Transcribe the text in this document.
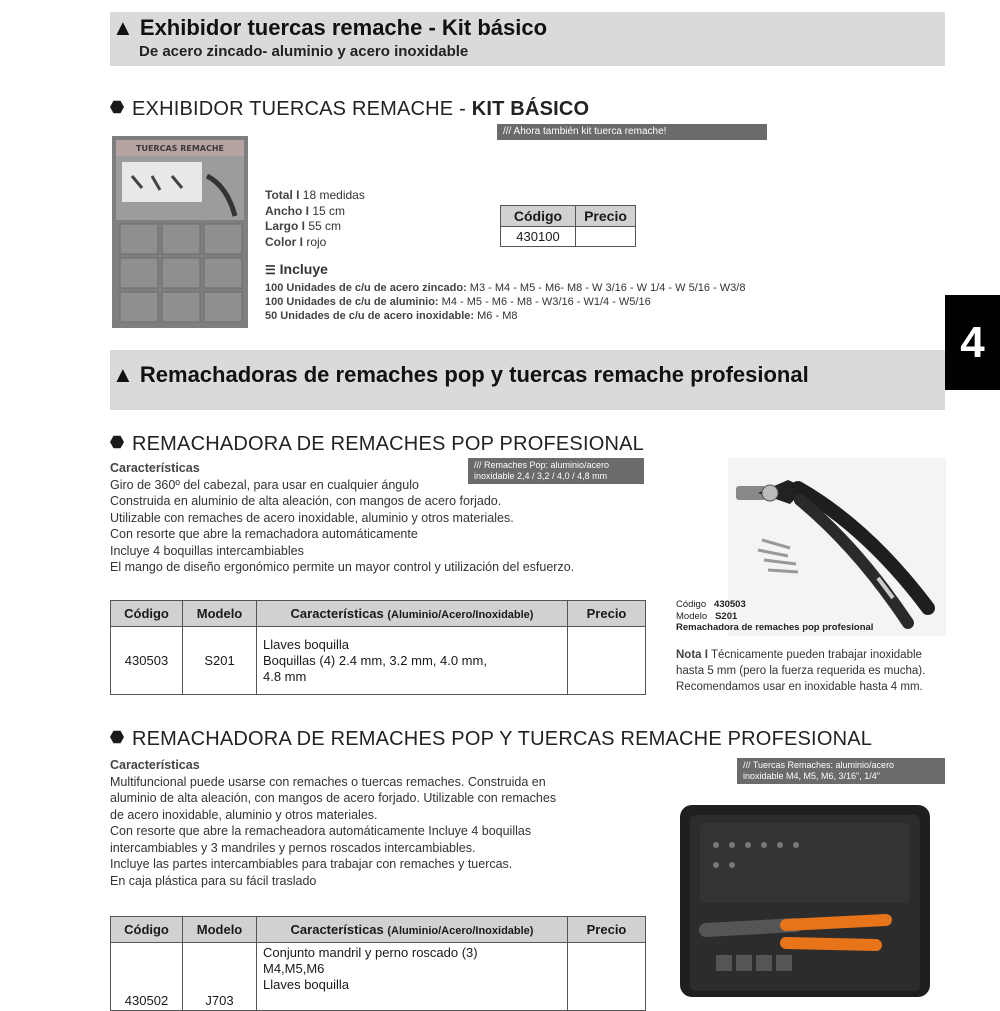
4
▲ Exhibidor tuercas remache - Kit básico
De acero zincado- aluminio y acero inoxidable
EXHIBIDOR TUERCAS REMACHE - KIT BÁSICO
/// Ahora también kit tuerca remache!
TUERCAS REMACHE
Total I 18 medidas
Ancho I 15 cm
Largo I 55 cm
Color I rojo
Código	Precio
430100	
☰ Incluye
100 Unidades de c/u de acero zincado: M3 - M4 - M5 - M6- M8 - W 3/16 - W 1/4 - W 5/16 - W3/8
100 Unidades de c/u de aluminio: M4 - M5 - M6 - M8 - W3/16 - W1/4 - W5/16
50 Unidades de c/u de acero inoxidable: M6 - M8
▲ Remachadoras de remaches pop y tuercas remache profesional
REMACHADORA DE REMACHES POP PROFESIONAL
/// Remaches Pop: aluminio/acero
inoxidable 2,4 / 3,2 / 4,0 / 4,8 mm
Características
Giro de 360º del cabezal, para usar en cualquier ángulo
Construida en aluminio de alta aleación, con mangos de acero forjado.
Utilizable con remaches de acero inoxidable, aluminio y otros materiales.
Con resorte que abre la remachadora automáticamente
Incluye 4 boquillas intercambiables
El mango de diseño ergonómico permite un mayor control y utilización del esfuerzo.
Código	Modelo	Características (Aluminio/Acero/Inoxidable)	Precio
430503	S201	Llaves boquilla
Boquillas (4) 2.4 mm, 3.2 mm, 4.0 mm,
4.8 mm	

Código 430503
Modelo S201
Remachadora de remaches pop profesional
Nota I Técnicamente pueden trabajar inoxidable
hasta 5 mm (pero la fuerza requerida es mucha).
Recomendamos usar en inoxidable hasta 4 mm.
REMACHADORA DE REMACHES POP Y TUERCAS REMACHE PROFESIONAL
/// Tuercas Remaches: aluminio/acero
inoxidable M4, M5, M6, 3/16", 1/4"
Características
Multifuncional puede usarse con remaches o tuercas remaches. Construida en
aluminio de alta aleación, con mangos de acero forjado. Utilizable con remaches
de acero inoxidable, aluminio y otros materiales.
Con resorte que abre la remacheadora automáticamente Incluye 4 boquillas
intercambiables y 3 mandriles y pernos roscados intercambiables.
Incluye las partes intercambiables para trabajar con remaches y tuercas.
En caja plástica para su fácil traslado
Código	Modelo	Características (Aluminio/Acero/Inoxidable)	Precio
430502	J703	Conjunto mandril y perno roscado (3)
M4,M5,M6
Llaves boquilla	
